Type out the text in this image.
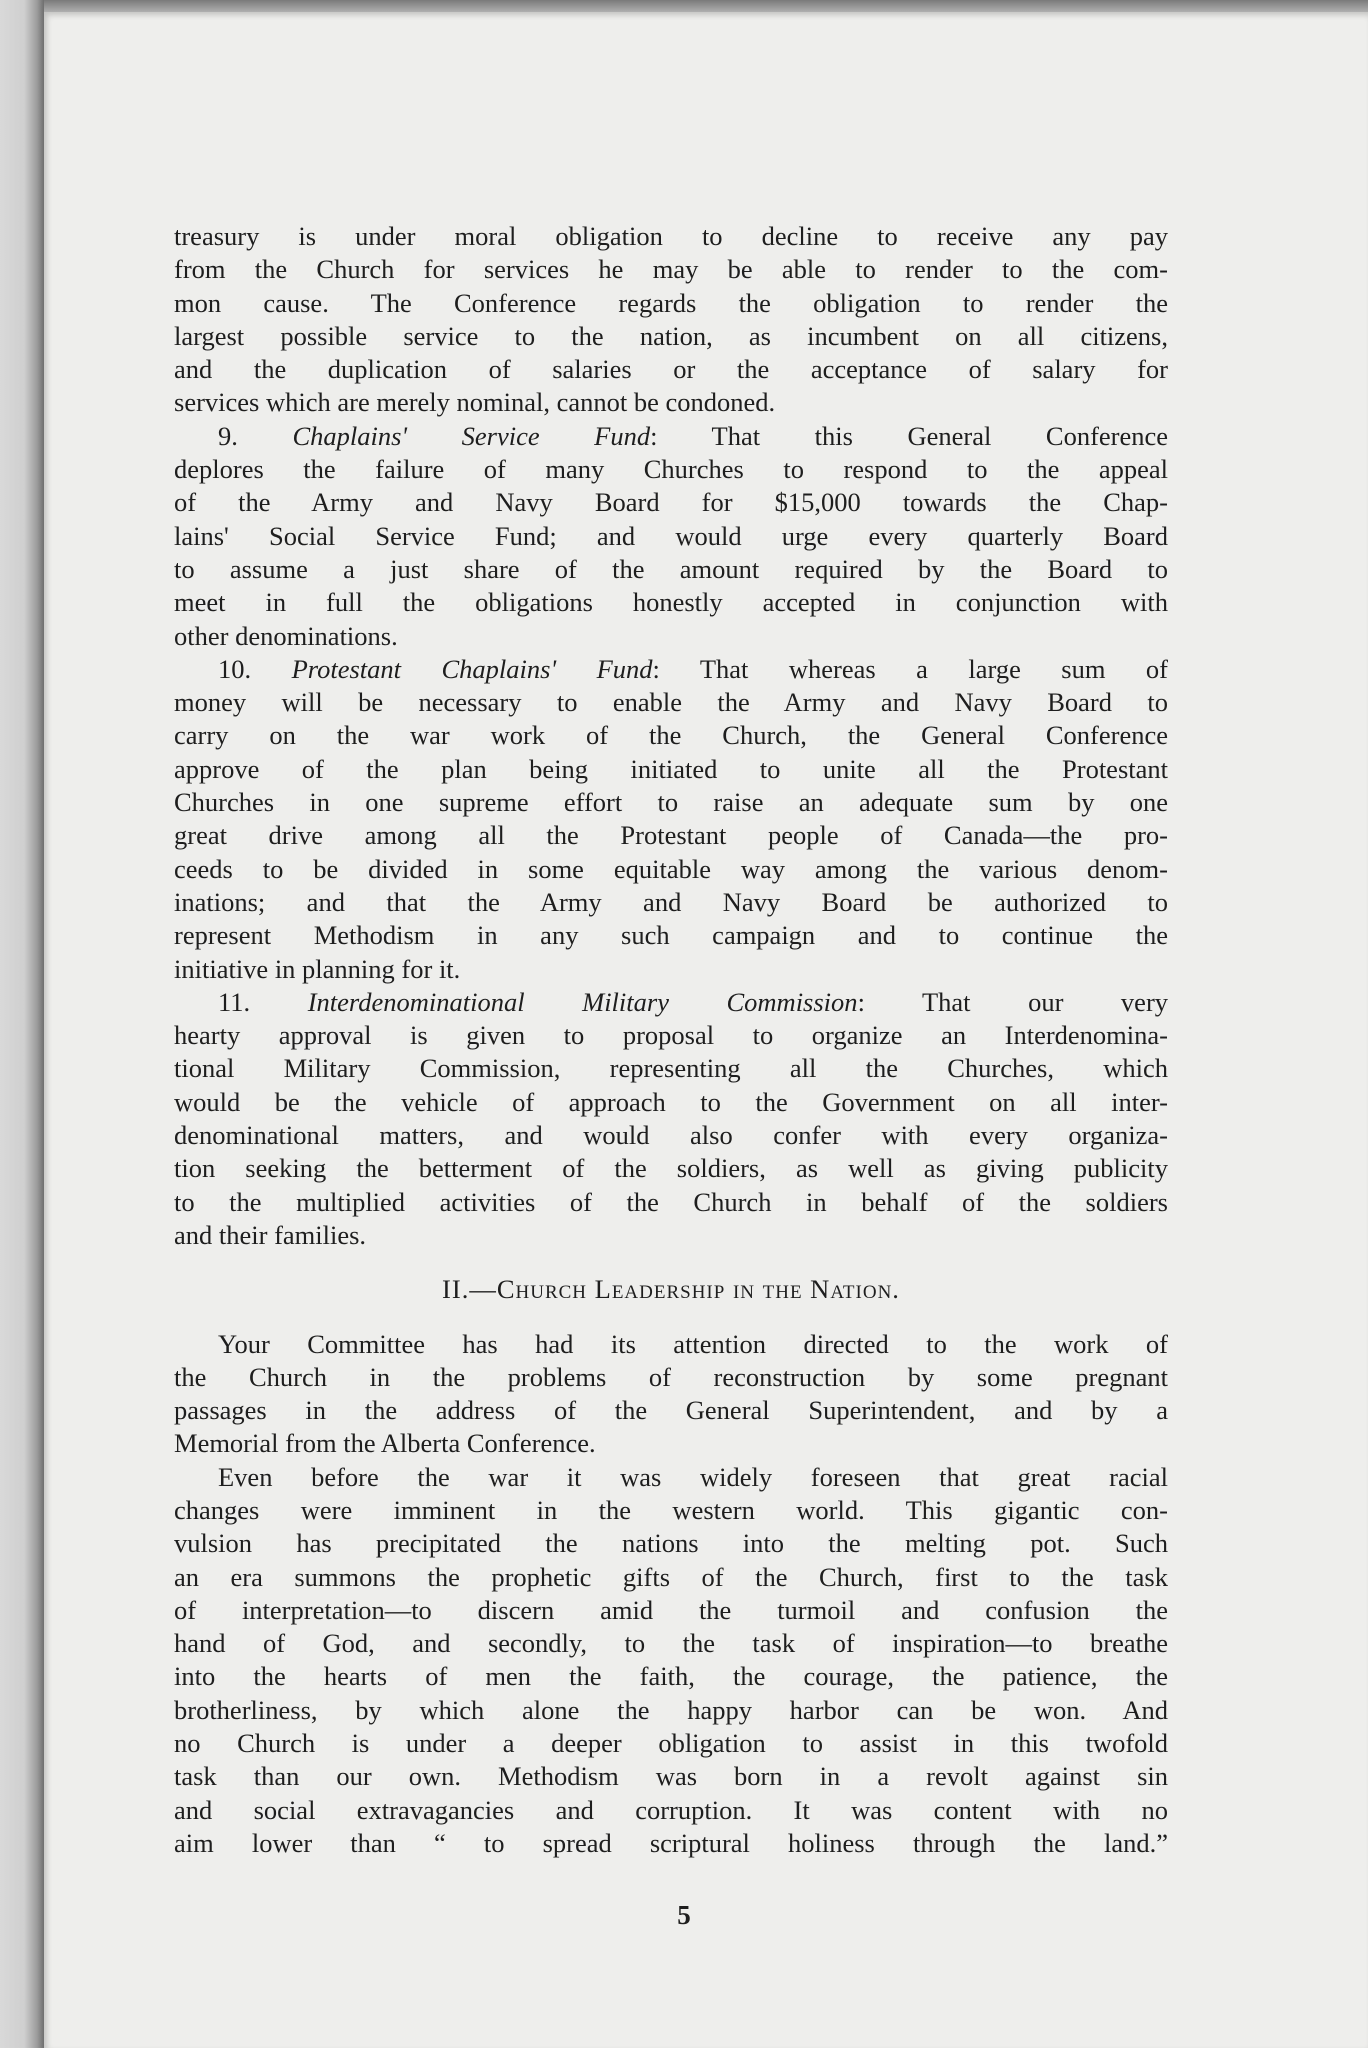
treasury is under moral obligation to decline to receive any pay
from the Church for services he may be able to render to the com-
mon cause. The Conference regards the obligation to render the
largest possible service to the nation, as incumbent on all citizens,
and the duplication of salaries or the acceptance of salary for
services which are merely nominal, cannot be condoned.
9. Chaplains' Service Fund: That this General Conference
deplores the failure of many Churches to respond to the appeal
of the Army and Navy Board for $15,000 towards the Chap-
lains' Social Service Fund; and would urge every quarterly Board
to assume a just share of the amount required by the Board to
meet in full the obligations honestly accepted in conjunction with
other denominations.
10. Protestant Chaplains' Fund: That whereas a large sum of
money will be necessary to enable the Army and Navy Board to
carry on the war work of the Church, the General Conference
approve of the plan being initiated to unite all the Protestant
Churches in one supreme effort to raise an adequate sum by one
great drive among all the Protestant people of Canada—the pro-
ceeds to be divided in some equitable way among the various denom-
inations; and that the Army and Navy Board be authorized to
represent Methodism in any such campaign and to continue the
initiative in planning for it.
11. Interdenominational Military Commission: That our very
hearty approval is given to proposal to organize an Interdenomina-
tional Military Commission, representing all the Churches, which
would be the vehicle of approach to the Government on all inter-
denominational matters, and would also confer with every organiza-
tion seeking the betterment of the soldiers, as well as giving publicity
to the multiplied activities of the Church in behalf of the soldiers
and their families.
II.—Church Leadership in the Nation.
Your Committee has had its attention directed to the work of
the Church in the problems of reconstruction by some pregnant
passages in the address of the General Superintendent, and by a
Memorial from the Alberta Conference.
Even before the war it was widely foreseen that great racial
changes were imminent in the western world. This gigantic con-
vulsion has precipitated the nations into the melting pot. Such
an era summons the prophetic gifts of the Church, first to the task
of interpretation—to discern amid the turmoil and confusion the
hand of God, and secondly, to the task of inspiration—to breathe
into the hearts of men the faith, the courage, the patience, the
brotherliness, by which alone the happy harbor can be won. And
no Church is under a deeper obligation to assist in this twofold
task than our own. Methodism was born in a revolt against sin
and social extravagancies and corruption. It was content with no
aim lower than “ to spread scriptural holiness through the land.”
5
